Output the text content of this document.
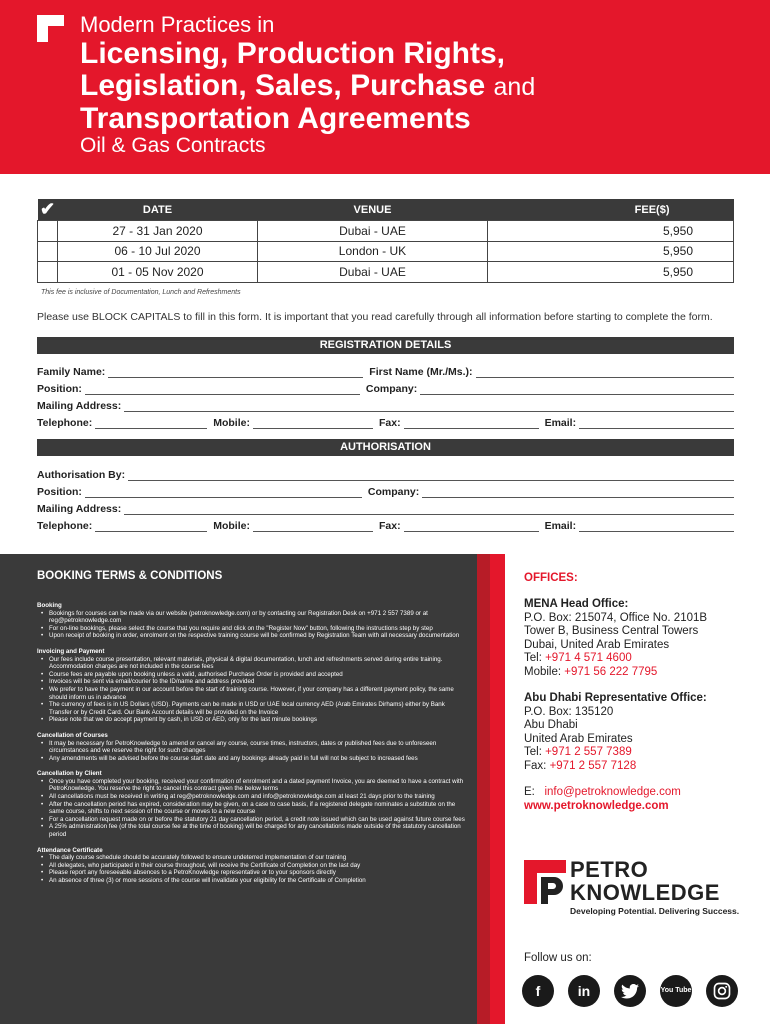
Modern Practices in
Licensing, Production Rights,
Legislation, Sales, Purchase and
Transportation Agreements
Oil & Gas Contracts
✔	DATE	VENUE	FEE($)
	27 - 31 Jan 2020	Dubai - UAE	5,950
	06 - 10 Jul 2020	London - UK	5,950
	01 - 05 Nov 2020	Dubai - UAE	5,950
This fee is inclusive of Documentation, Lunch and Refreshments
Please use BLOCK CAPITALS to fill in this form. It is important that you read carefully through all information before starting to complete the form.
REGISTRATION DETAILS
Family Name:	First Name (Mr./Ms.):
Position:	Company:
Mailing Address:
Telephone:	Mobile:	Fax:	Email:
AUTHORISATION
Authorisation By:
Position:	Company:
Mailing Address:
Telephone:	Mobile:	Fax:	Email:
BOOKING TERMS & CONDITIONS
Booking
• Bookings for courses can be made via our website (petroknowledge.com) or by contacting our Registration Desk on +971 2 557 7389 or at reg@petroknowledge.com
• For on-line bookings, please select the course that you require and click on the "Register Now" button, following the instructions step by step
• Upon receipt of booking in order, enrolment on the respective training course will be confirmed by Registration Team with all necessary documentation
Invoicing and Payment
• Our fees include course presentation, relevant materials, physical & digital documentation, lunch and refreshments served during entire training. Accommodation charges are not included in the course fees
• Course fees are payable upon booking unless a valid, authorised Purchase Order is provided and accepted
• Invoices will be sent via email/courier to the ID/name and address provided
• We prefer to have the payment in our account before the start of training course. However, if your company has a different payment policy, the same should inform us in advance
• The currency of fees is in US Dollars (USD). Payments can be made in USD or UAE local currency AED (Arab Emirates Dirhams) either by Bank Transfer or by Credit Card. Our Bank Account details will be provided on the Invoice
• Please note that we do accept payment by cash, in USD or AED, only for the last minute bookings
Cancellation of Courses
• It may be necessary for PetroKnowledge to amend or cancel any course, course times, instructors, dates or published fees due to unforeseen circumstances and we reserve the right for such changes
• Any amendments will be advised before the course start date and any bookings already paid in full will not be subject to increased fees
Cancellation by Client
• Once you have completed your booking, received your confirmation of enrolment and a dated payment Invoice, you are deemed to have a contract with PetroKnowledge. You reserve the right to cancel this contract given the below terms
• All cancellations must be received in writing at reg@petroknowledge.com and info@petroknowledge.com at least 21 days prior to the training
• After the cancellation period has expired, consideration may be given, on a case to case basis, if a registered delegate nominates a substitute on the same course, shifts to next session of the course or moves to a new course
• For a cancellation request made on or before the statutory 21 day cancellation period, a credit note issued which can be used against future course fees
• A 25% administration fee (of the total course fee at the time of booking) will be charged for any cancellations made outside of the statutory cancellation period
Attendance Certificate
• The daily course schedule should be accurately followed to ensure undeterred implementation of our training
• All delegates, who participated in their course throughout, will receive the Certificate of Completion on the last day
• Please report any foreseeable absences to a PetroKnowledge representative or to your sponsors directly
• An absence of three (3) or more sessions of the course will invalidate your eligibility for the Certificate of Completion
OFFICES:
MENA Head Office:
P.O. Box: 215074, Office No. 2101B
Tower B, Business Central Towers
Dubai, United Arab Emirates
Tel: +971 4 571 4600
Mobile: +971 56 222 7795
Abu Dhabi Representative Office:
P.O. Box: 135120
Abu Dhabi
United Arab Emirates
Tel: +971 2 557 7389
Fax: +971 2 557 7128
E: info@petroknowledge.com
www.petroknowledge.com
PETRO
KNOWLEDGE
Developing Potential. Delivering Success.
Follow us on:
f	in	You Tube
